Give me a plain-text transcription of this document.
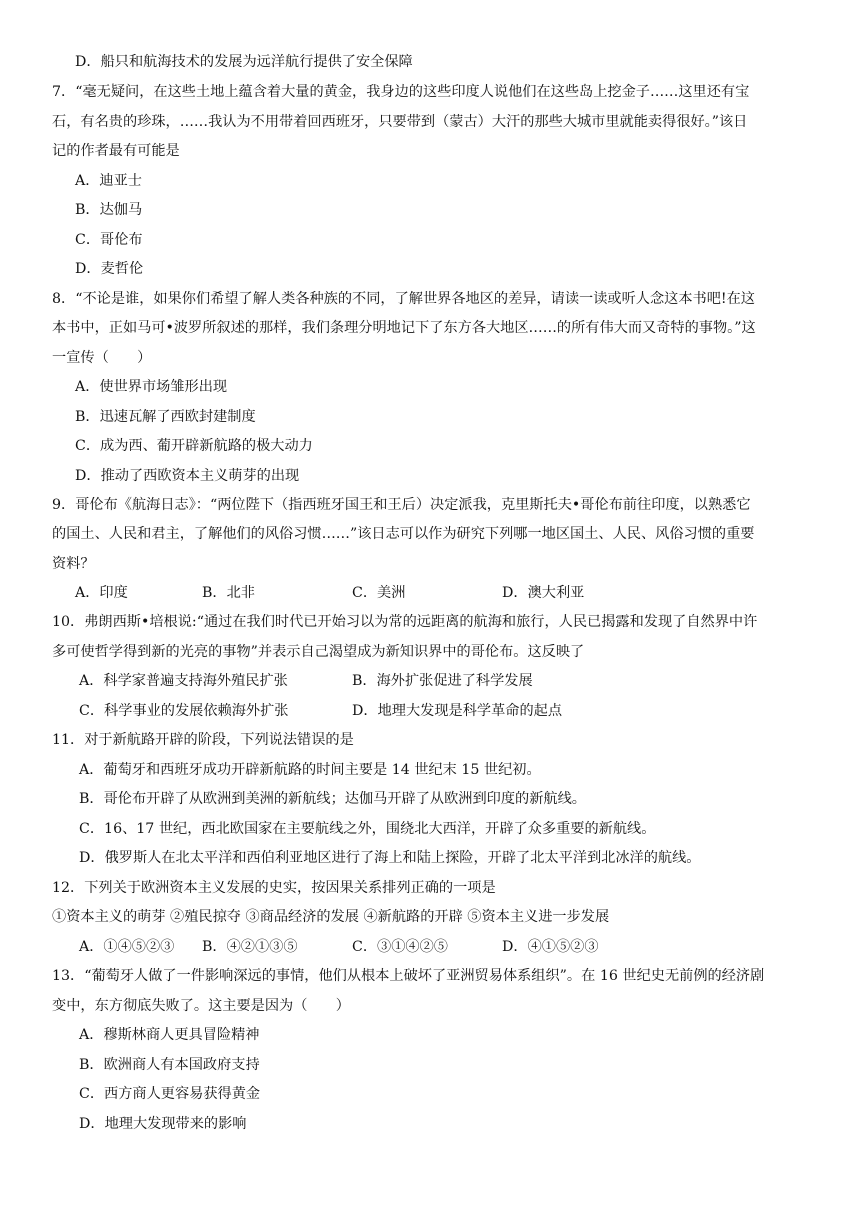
D．船只和航海技术的发展为远洋航行提供了安全保障
7．“毫无疑问，在这些土地上蕴含着大量的黄金，我身边的这些印度人说他们在这些岛上挖金子……这里还有宝
石，有名贵的珍珠，……我认为不用带着回西班牙，只要带到（蒙古）大汗的那些大城市里就能卖得很好。”该日
记的作者最有可能是
A．迪亚士
B．达伽马
C．哥伦布
D．麦哲伦
8．“不论是谁，如果你们希望了解人类各种族的不同，了解世界各地区的差异，请读一读或听人念这本书吧!在这
本书中，正如马可•波罗所叙述的那样，我们条理分明地记下了东方各大地区……的所有伟大而又奇特的事物。”这
一宣传（　　）
A．使世界市场雏形出现
B．迅速瓦解了西欧封建制度
C．成为西、葡开辟新航路的极大动力
D．推动了西欧资本主义萌芽的出现
9．哥伦布《航海日志》：“两位陛下（指西班牙国王和王后）决定派我，克里斯托夫•哥伦布前往印度，以熟悉它
的国土、人民和君主，了解他们的风俗习惯……”该日志可以作为研究下列哪一地区国土、人民、风俗习惯的重要
资料？
A．印度	B．北非	C．美洲	D．澳大利亚
10．弗朗西斯•培根说:“通过在我们时代已开始习以为常的远距离的航海和旅行，人民已揭露和发现了自然界中许
多可使哲学得到新的光亮的事物”并表示自己渴望成为新知识界中的哥伦布。这反映了
A．科学家普遍支持海外殖民扩张	B．海外扩张促进了科学发展
C．科学事业的发展依赖海外扩张	D．地理大发现是科学革命的起点
11．对于新航路开辟的阶段，下列说法错误的是
A．葡萄牙和西班牙成功开辟新航路的时间主要是 14 世纪末 15 世纪初。
B．哥伦布开辟了从欧洲到美洲的新航线；达伽马开辟了从欧洲到印度的新航线。
C．16、17 世纪，西北欧国家在主要航线之外，围绕北大西洋，开辟了众多重要的新航线。
D．俄罗斯人在北太平洋和西伯利亚地区进行了海上和陆上探险，开辟了北太平洋到北冰洋的航线。
12．下列关于欧洲资本主义发展的史实，按因果关系排列正确的一项是
①资本主义的萌芽 ②殖民掠夺 ③商品经济的发展 ④新航路的开辟 ⑤资本主义进一步发展
A．①④⑤②③ B．④②①③⑤	C．③①④②⑤	D．④①⑤②③
13．“葡萄牙人做了一件影响深远的事情，他们从根本上破坏了亚洲贸易体系组织”。在 16 世纪史无前例的经济剧
变中，东方彻底失败了。这主要是因为（　　）
A．穆斯林商人更具冒险精神
B．欧洲商人有本国政府支持
C．西方商人更容易获得黄金
D．地理大发现带来的影响
